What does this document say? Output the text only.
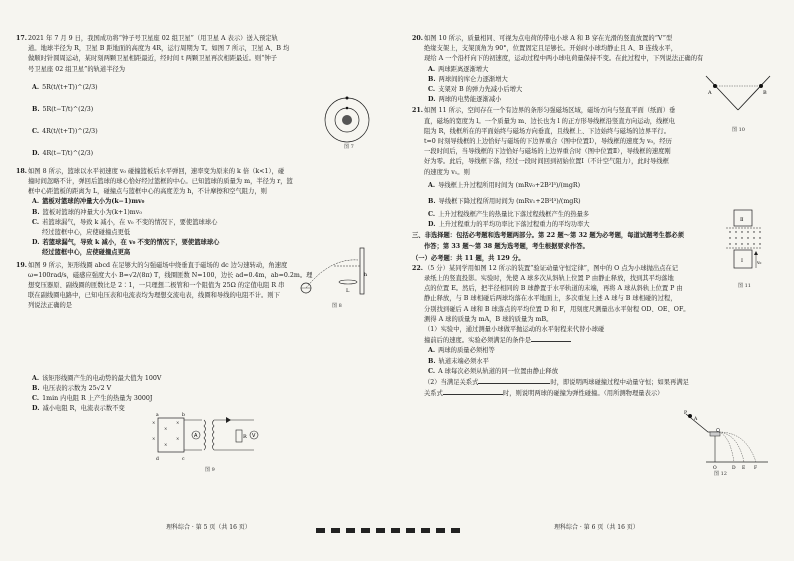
17. 2021 年 7 月 9 日，我国成功将“钟子号卫星座 02 组卫星”（用卫星 A 表示）送入预定轨
道。地球半径为 R，卫星 B 距地面的高度为 4R，运行周期为 T。如图 7 所示，卫星 A、B 均
做顺时针圆周运动，某时刻两颗卫星相距最近，经时间 t 两颗卫星再次相距最近。则“钟子
号卫星座 02 组卫星”的轨道半径为
A. 5R(t/(t+T))^(2/3)
B. 5R(t−T/t)^(2/3)
C. 4R(t/(t+T))^(2/3)
D. 4R(t−T/t)^(2/3)
18. 如图 8 所示，篮球以水平初速度 v₀ 碰撞篮板后水平弹回，速率变为原来的 k 倍（k<1），碰
撞时间忽略不计，弹回后篮球的球心恰好经过篮框的中心。已知篮球的质量为 m，半径为 r，篮
框中心距篮板的距离为 L，碰撞点与篮框中心的高度差为 h，不计摩擦和空气阻力，则
A. 篮板对篮球的冲量大小为(k−1)mv₀
B. 篮板对篮球的冲量大小为(k+1)mv₀
C. 若篮球漏气，导致 k 减小，在 v₀ 不变的情况下，要使篮球球心
经过篮框中心，应使碰撞点更低
D. 若篮球漏气，导致 k 减小，在 v₀ 不变的情况下，要使篮球球心
经过篮框中心，应使碰撞点更高
19. 如图 9 所示，矩形线圈 abcd 在足够大的匀强磁场中绕垂直于磁场的 dc 边匀速转动，角速度
ω=100rad/s，磁感应强度大小 B=√2/(8π) T，线圈匝数 N=100，边长 ad=0.4m，ab=0.2m。理
想变压器原、副线圈的匝数比是 2∶1，一只理想二极管和一个阻值为 25Ω 的定值电阻 R 串
联在副线圈电路中，已知电压表和电流表均为理想交流电表，线圈和导线的电阻不计。则下
列说法正确的是
A. 该矩形线圈产生的电动势的最大值为 100V
B. 电压表的示数为 25√2 V
C. 1min 内电阻 R 上产生的热量为 3000J
D. 减小电阻 R，电流表示数不变
图 7
h
L
图 8
×
×
×
×
×
×	A	R V
a	b
c
d
图 9
理科综合 · 第 5 页（共 16 页）
20. 如图 10 所示，质量相同、可视为点电荷的带电小球 A 和 B 穿在光滑的竖直放置的“V”型
绝缘支架上，支架顶角为 90°，位置固定且足够长。开始时小球均静止且 A、B 连线水平，
现给 A 一个沿杆向下的初速度，运动过程中两小球电荷量保持不变。在此过程中，下列说法正确的有
A. 两球距离逐渐增大
B. 两球间的库仑力逐渐增大
C. 支架对 B 的弹力先减小后增大
D. 两球的电势能逐渐减小
21. 如图 11 所示，空间存在一个有边界的条形匀强磁场区域，磁场方向与竖直平面（纸面）垂
直，磁场的宽度为 l。一个质量为 m、边长也为 l 的正方形导线框沿竖直方向运动，线框电
阻为 R，线框所在的平面始终与磁场方向垂直，且线框上、下边始终与磁场的边界平行。
t=0 时刻导线框的上边恰好与磁场的下边界重合（图中位置Ⅰ），导线框的速度为 v₀，经历
一段时间后，当导线框的下边恰好与磁场的上边界重合时（图中位置Ⅱ），导线框的速度刚
好为零。此后，导线框下落，经过一段时间回到初始位置Ⅰ（不计空气阻力），此时导线框
的速度为 v₁。则
A. 导线框上升过程所用时间为 (mRv₀+2B²l³)/(mgR)
B. 导线框下降过程所用时间为 (mRv₁+2B²l³)/(mgR)
C. 上升过程线框产生的热量比下落过程线框产生的热量多
D. 上升过程重力的平均功率比下落过程重力的平均功率大
三、非选择题：包括必考题和选考题两部分。第 22 题～第 32 题为必考题，每道试题考生都必须
作答；第 33 题～第 38 题为选考题，考生根据要求作答。
（一）必考题：共 11 题，共 129 分。
22. （5 分）某同学用如图 12 所示的装置“验证动量守恒定律”，图中的 O 点为小球抛出点在记
录纸上的竖直投影。实验时，先使 A 球多次从斜轨上位置 P 由静止释放，找到其平均落地
点的位置 E。然后，把半径相同的 B 球静置于水平轨道的末端，再将 A 球从斜轨上位置 P 由
静止释放，与 B 球相碰后两球均落在水平地面上，多次重复上述 A 球与 B 球相碰的过程，
分别找到碰后 A 球和 B 球落点的平均位置 D 和 F，用刻度尺测量出水平射程 OD、OE、OF。
测得 A 球的质量为 mA，B 球的质量为 mB。
（1）实验中，通过测量小球做平抛运动的水平射程来代替小球碰
撞前后的速度。实验必须满足的条件是
A. 两球的质量必须相等
B. 轨道末端必须水平
C. A 球每次必须从轨道的同一位置由静止释放
（2）当满足关系式	时，即说明两球碰撞过程中动量守恒；如果再满足
关系式	时，则说明两球的碰撞为弹性碰撞。（用所测物理量表示）
A	B
图 10
Ⅱ
Ⅰ	v₀
图 11
P
A
O	D E F
图 12
理科综合 · 第 6 页（共 16 页）
